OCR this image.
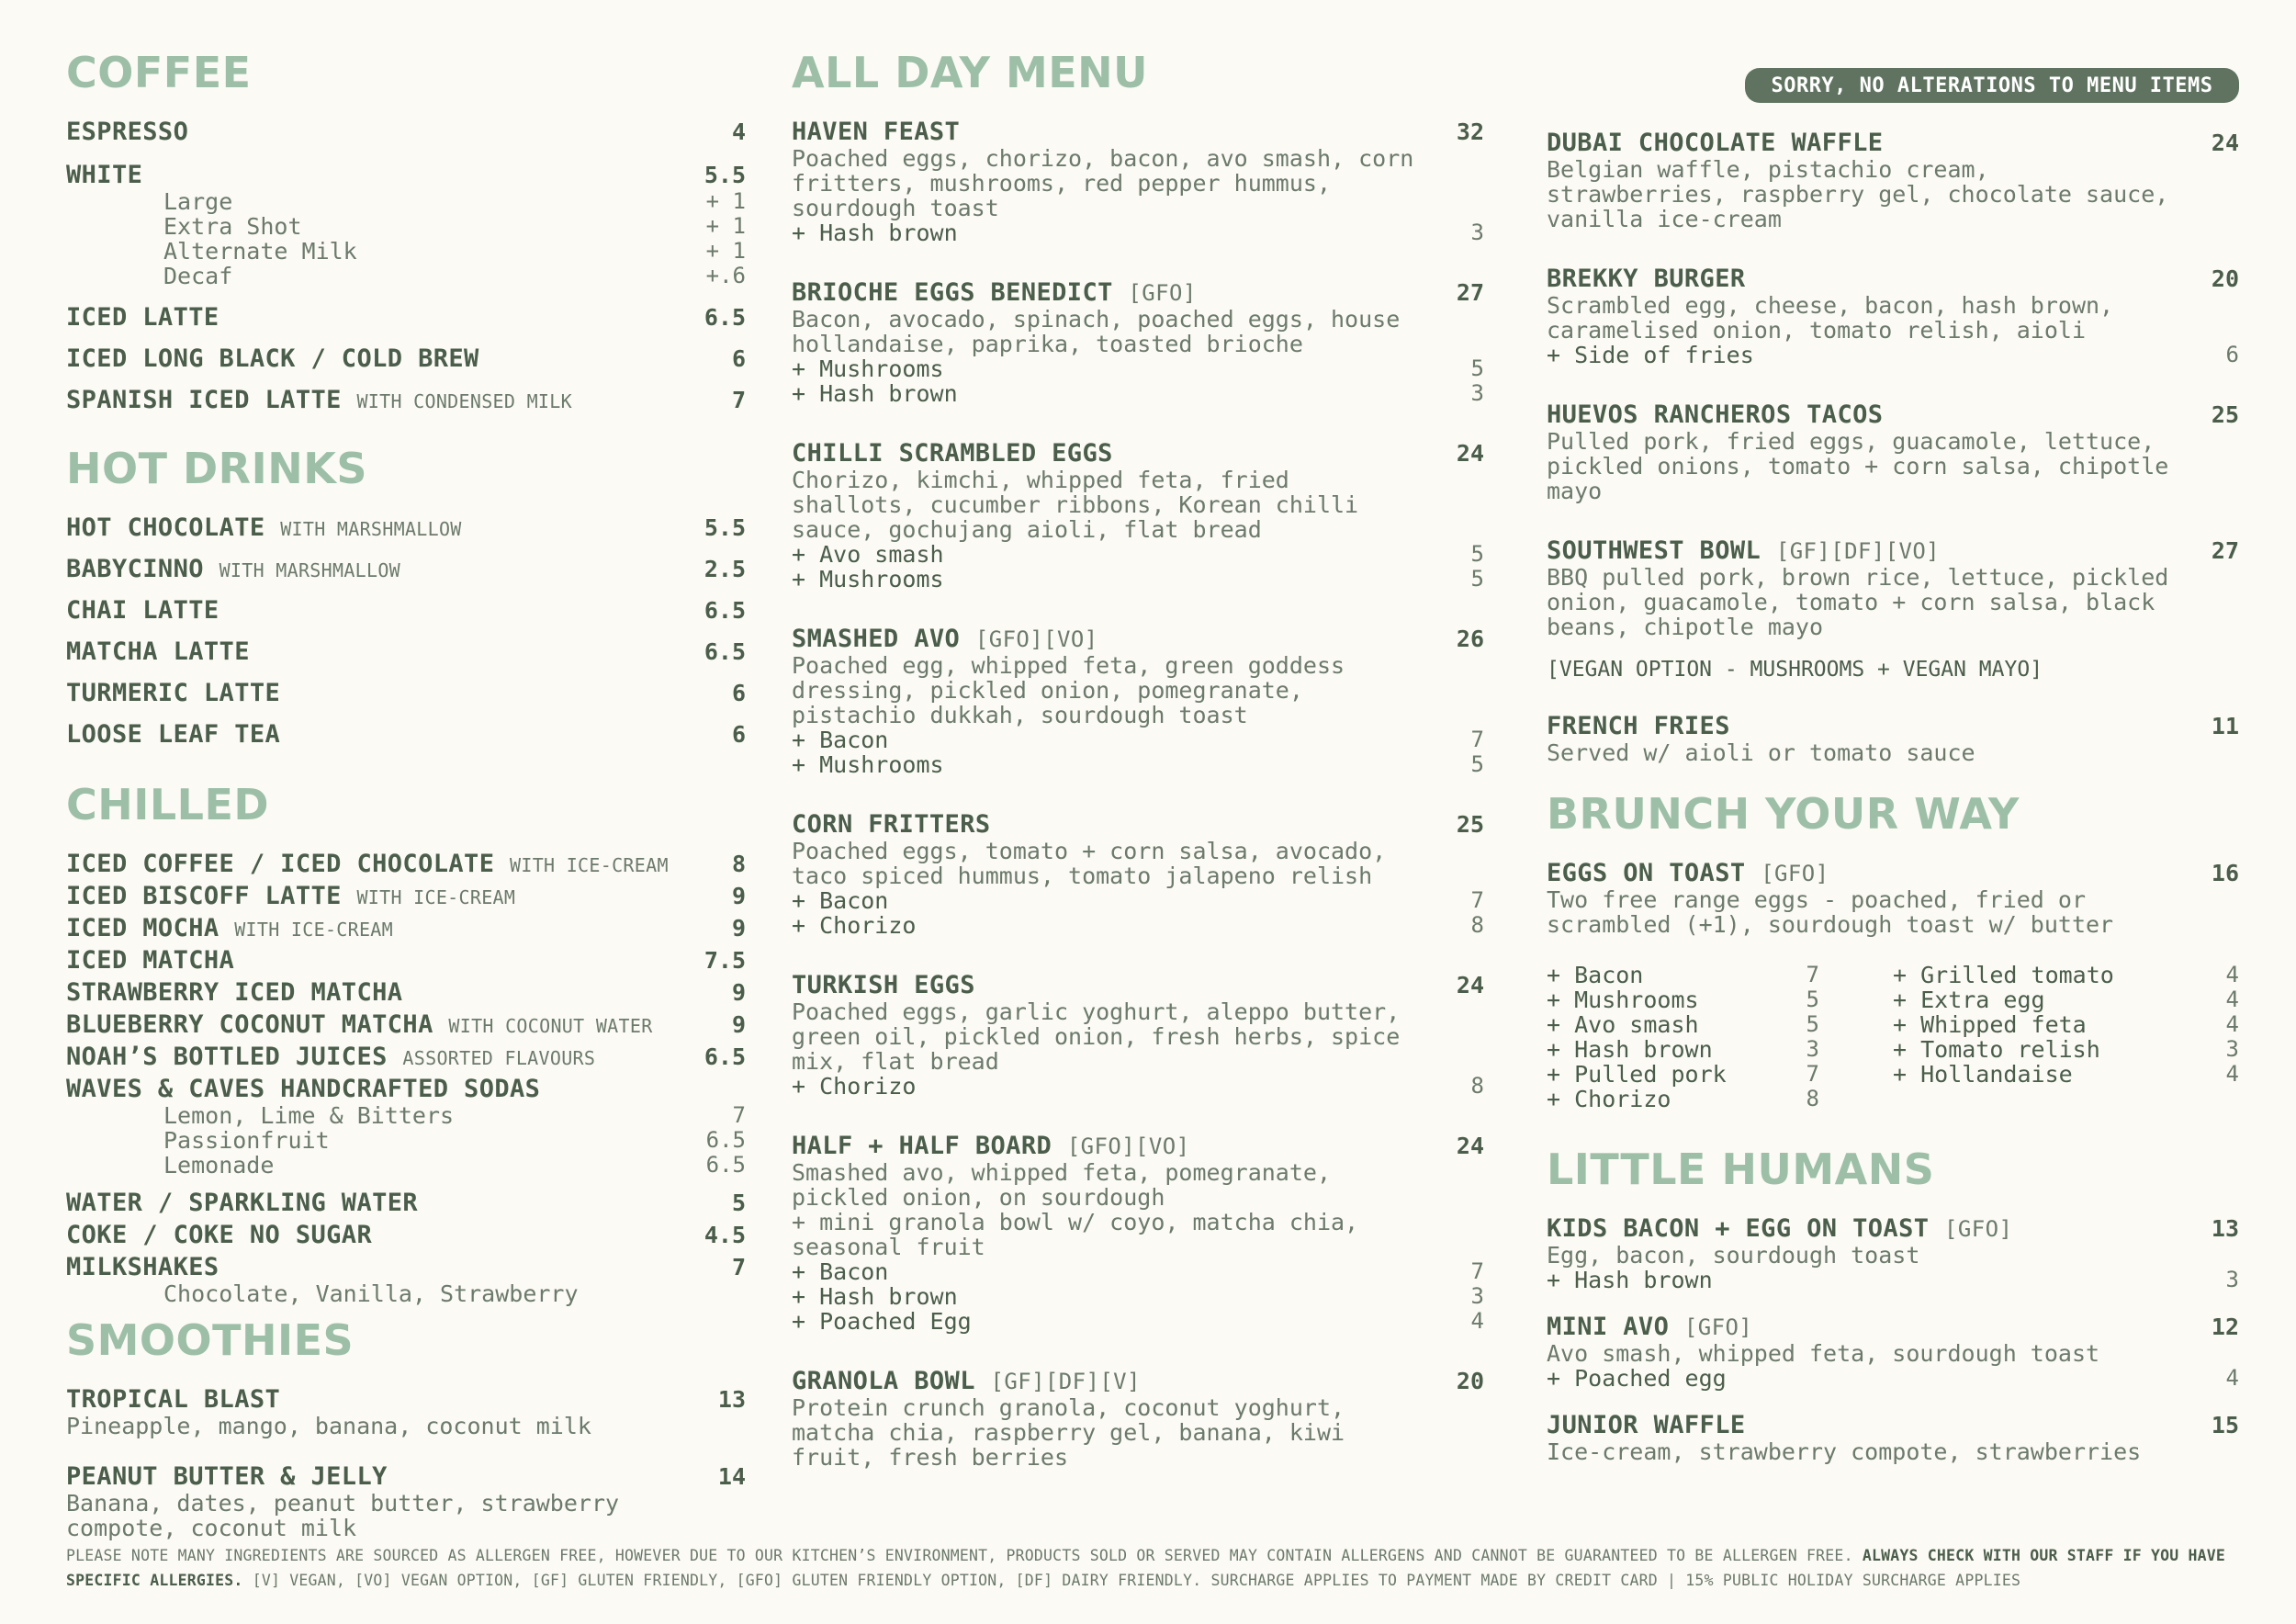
SORRY, NO ALTERATIONS TO MENU ITEMS
COFFEE
ESPRESSO	4
WHITE	5.5
Large	+ 1
Extra Shot	+ 1
Alternate Milk	+ 1
Decaf	+.6
ICED LATTE	6.5
ICED LONG BLACK / COLD BREW	6
SPANISH ICED LATTE WITH CONDENSED MILK	7
HOT DRINKS
HOT CHOCOLATE WITH MARSHMALLOW	5.5
BABYCINNO WITH MARSHMALLOW	2.5
CHAI LATTE	6.5
MATCHA LATTE	6.5
TURMERIC LATTE	6
LOOSE LEAF TEA	6
CHILLED
ICED COFFEE / ICED CHOCOLATE WITH ICE-CREAM	8
ICED BISCOFF LATTE WITH ICE-CREAM	9
ICED MOCHA WITH ICE-CREAM	9
ICED MATCHA	7.5
STRAWBERRY ICED MATCHA	9
BLUEBERRY COCONUT MATCHA WITH COCONUT WATER	9
NOAH’S BOTTLED JUICES ASSORTED FLAVOURS	6.5
WAVES & CAVES HANDCRAFTED SODAS
Lemon, Lime & Bitters	7
Passionfruit	6.5
Lemonade	6.5
WATER / SPARKLING WATER	5
COKE / COKE NO SUGAR	4.5
MILKSHAKES	7
Chocolate, Vanilla, Strawberry
SMOOTHIES
TROPICAL BLAST	13
Pineapple, mango, banana, coconut milk
PEANUT BUTTER & JELLY	14
Banana, dates, peanut butter, strawberry compote, coconut milk
ALL DAY MENU
HAVEN FEAST	32
Poached eggs, chorizo, bacon, avo smash, corn fritters, mushrooms, red pepper hummus, sourdough toast
+ Hash brown	3
BRIOCHE EGGS BENEDICT [GFO]	27
Bacon, avocado, spinach, poached eggs, house hollandaise, paprika, toasted brioche
+ Mushrooms	5
+ Hash brown	3
CHILLI SCRAMBLED EGGS	24
Chorizo, kimchi, whipped feta, fried shallots, cucumber ribbons, Korean chilli sauce, gochujang aioli, flat bread
+ Avo smash	5
+ Mushrooms	5
SMASHED AVO [GFO][VO]	26
Poached egg, whipped feta, green goddess dressing, pickled onion, pomegranate, pistachio dukkah, sourdough toast
+ Bacon	7
+ Mushrooms	5
CORN FRITTERS	25
Poached eggs, tomato + corn salsa, avocado, taco spiced hummus, tomato jalapeno relish
+ Bacon	7
+ Chorizo	8
TURKISH EGGS	24
Poached eggs, garlic yoghurt, aleppo butter, green oil, pickled onion, fresh herbs, spice mix, flat bread
+ Chorizo	8
HALF + HALF BOARD [GFO][VO]	24
Smashed avo, whipped feta, pomegranate, pickled onion, on sourdough
+ mini granola bowl w/ coyo, matcha chia, seasonal fruit
+ Bacon	7
+ Hash brown	3
+ Poached Egg	4
GRANOLA BOWL [GF][DF][V]	20
Protein crunch granola, coconut yoghurt, matcha chia, raspberry gel, banana, kiwi fruit, fresh berries
DUBAI CHOCOLATE WAFFLE	24
Belgian waffle, pistachio cream, strawberries, raspberry gel, chocolate sauce, vanilla ice-cream
BREKKY BURGER	20
Scrambled egg, cheese, bacon, hash brown, caramelised onion, tomato relish, aioli
+ Side of fries	6
HUEVOS RANCHEROS TACOS	25
Pulled pork, fried eggs, guacamole, lettuce, pickled onions, tomato + corn salsa, chipotle mayo
SOUTHWEST BOWL [GF][DF][VO]	27
BBQ pulled pork, brown rice, lettuce, pickled onion, guacamole, tomato + corn salsa, black beans, chipotle mayo
[VEGAN OPTION - MUSHROOMS + VEGAN MAYO]
FRENCH FRIES	11
Served w/ aioli or tomato sauce
BRUNCH YOUR WAY
EGGS ON TOAST [GFO]	16
Two free range eggs - poached, fried or scrambled (+1), sourdough toast w/ butter
+ Bacon	7
+ Mushrooms	5
+ Avo smash	5
+ Hash brown	3
+ Pulled pork	7
+ Chorizo	8
+ Grilled tomato	4
+ Extra egg	4
+ Whipped feta	4
+ Tomato relish	3
+ Hollandaise	4
LITTLE HUMANS
KIDS BACON + EGG ON TOAST [GFO]	13
Egg, bacon, sourdough toast
+ Hash brown	3
MINI AVO [GFO]	12
Avo smash, whipped feta, sourdough toast
+ Poached egg	4
JUNIOR WAFFLE	15
Ice-cream, strawberry compote, strawberries
PLEASE NOTE MANY INGREDIENTS ARE SOURCED AS ALLERGEN FREE, HOWEVER DUE TO OUR KITCHEN’S ENVIRONMENT, PRODUCTS SOLD OR SERVED MAY CONTAIN ALLERGENS AND CANNOT BE GUARANTEED TO BE ALLERGEN FREE. ALWAYS CHECK WITH OUR STAFF IF YOU HAVE SPECIFIC ALLERGIES. [V] VEGAN, [VO] VEGAN OPTION, [GF] GLUTEN FRIENDLY, [GFO] GLUTEN FRIENDLY OPTION, [DF] DAIRY FRIENDLY. SURCHARGE APPLIES TO PAYMENT MADE BY CREDIT CARD | 15% PUBLIC HOLIDAY SURCHARGE APPLIES
